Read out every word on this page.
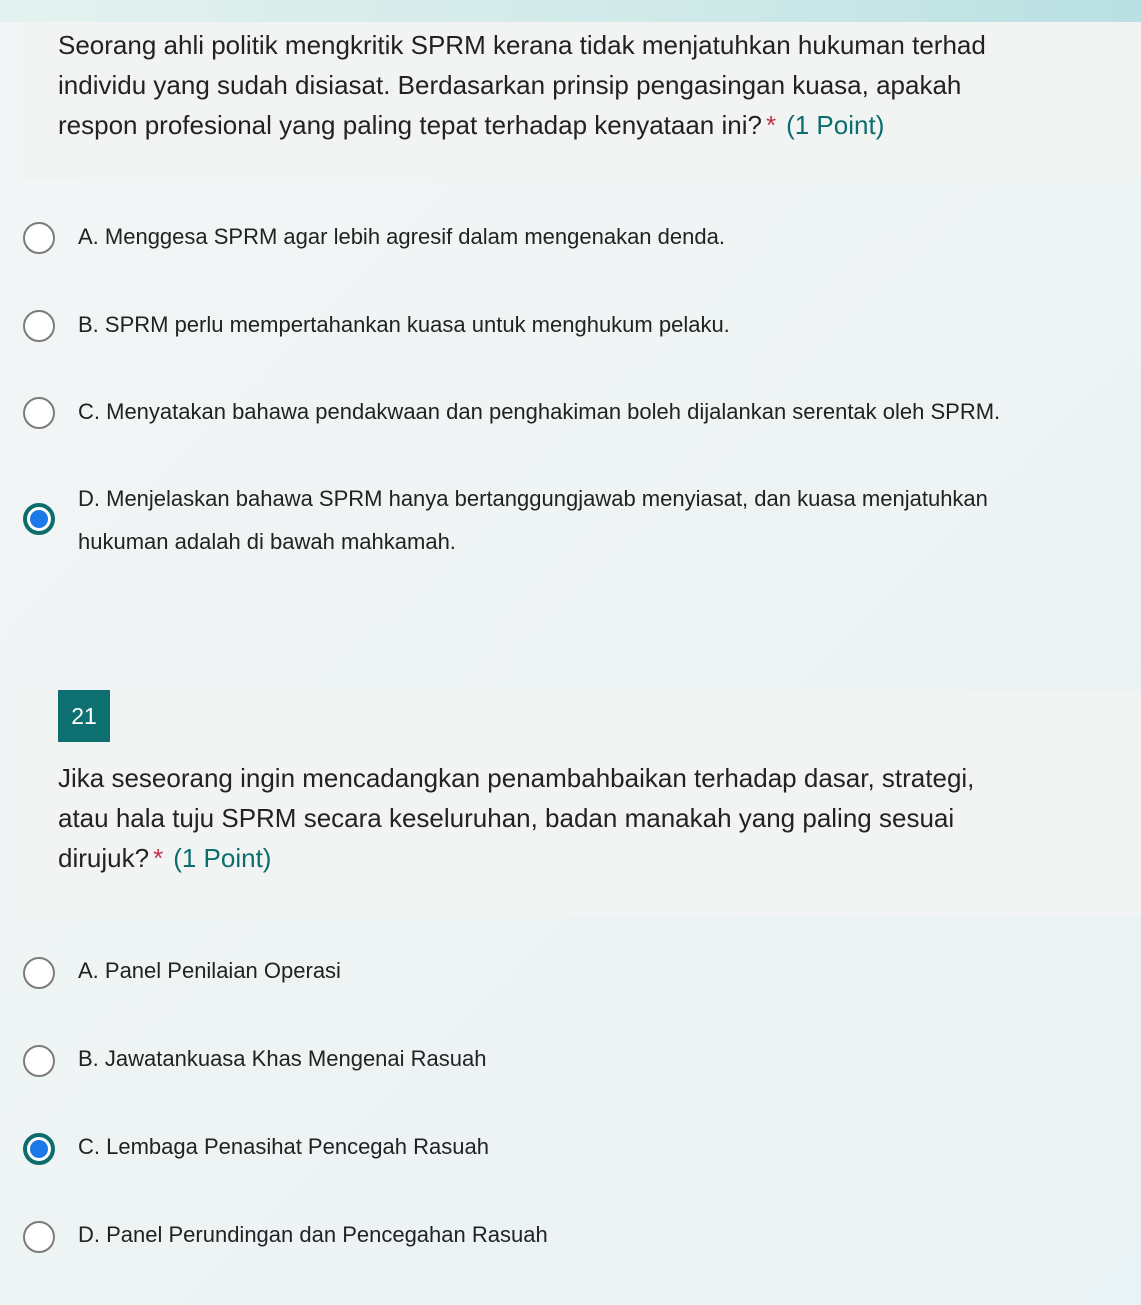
Seorang ahli politik mengkritik SPRM kerana tidak menjatuhkan hukuman terhad
individu yang sudah disiasat. Berdasarkan prinsip pengasingan kuasa, apakah
respon profesional yang paling tepat terhadap kenyataan ini? * (1 Point)
A. Menggesa SPRM agar lebih agresif dalam mengenakan denda.
B. SPRM perlu mempertahankan kuasa untuk menghukum pelaku.
C. Menyatakan bahawa pendakwaan dan penghakiman boleh dijalankan serentak oleh SPRM.
D. Menjelaskan bahawa SPRM hanya bertanggungjawab menyiasat, dan kuasa menjatuhkan
hukuman adalah di bawah mahkamah.
21
Jika seseorang ingin mencadangkan penambahbaikan terhadap dasar, strategi,
atau hala tuju SPRM secara keseluruhan, badan manakah yang paling sesuai
dirujuk? * (1 Point)
A. Panel Penilaian Operasi
B. Jawatankuasa Khas Mengenai Rasuah
C. Lembaga Penasihat Pencegah Rasuah
D. Panel Perundingan dan Pencegahan Rasuah
